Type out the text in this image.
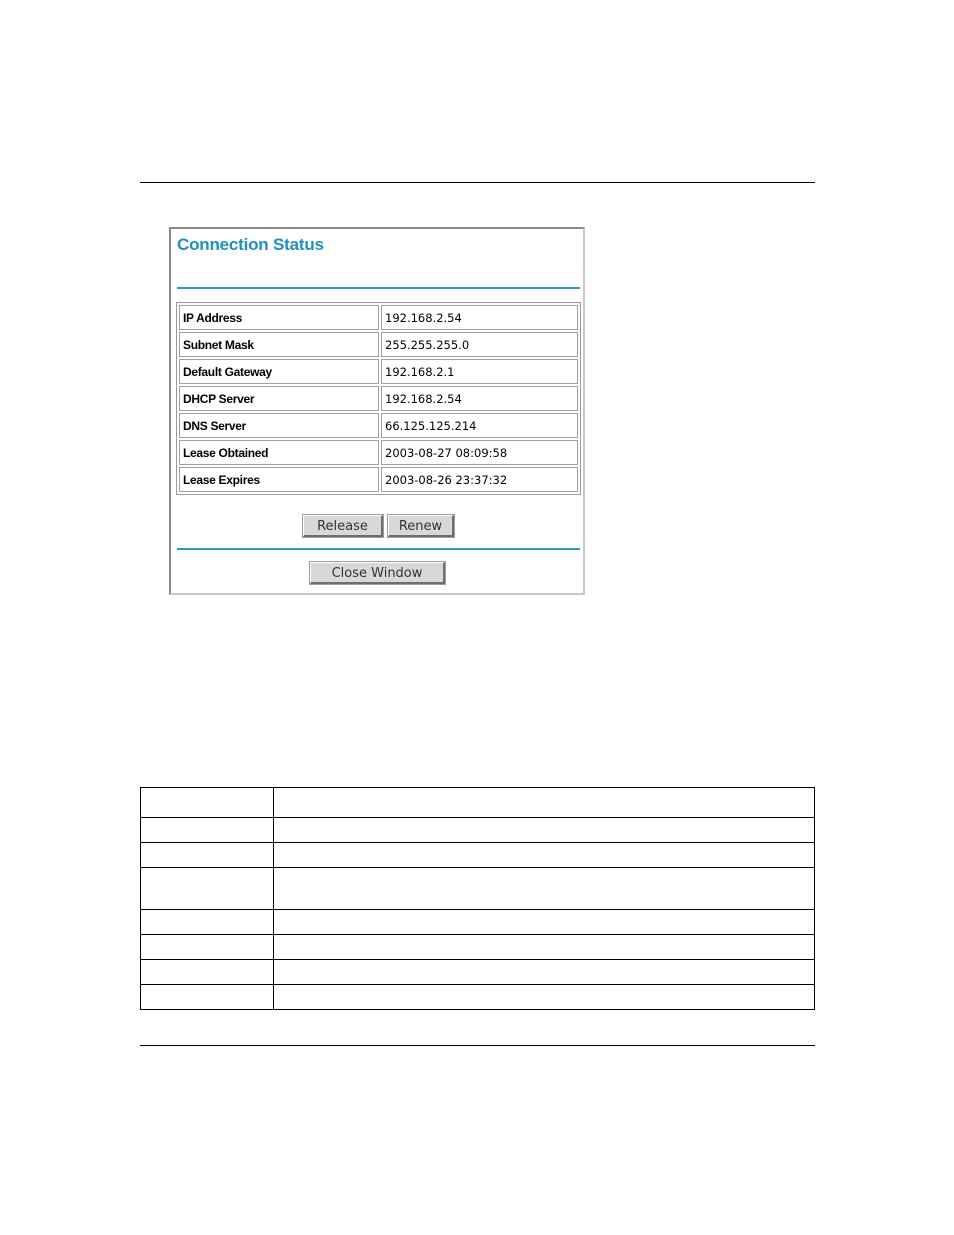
Connection Status
IP Address	192.168.2.54
Subnet Mask	255.255.255.0
Default Gateway	192.168.2.1
DHCP Server	192.168.2.54
DNS Server	66.125.125.214
Lease Obtained	2003-08-27 08:09:58
Lease Expires	2003-08-26 23:37:32
Release	Renew
Close Window
